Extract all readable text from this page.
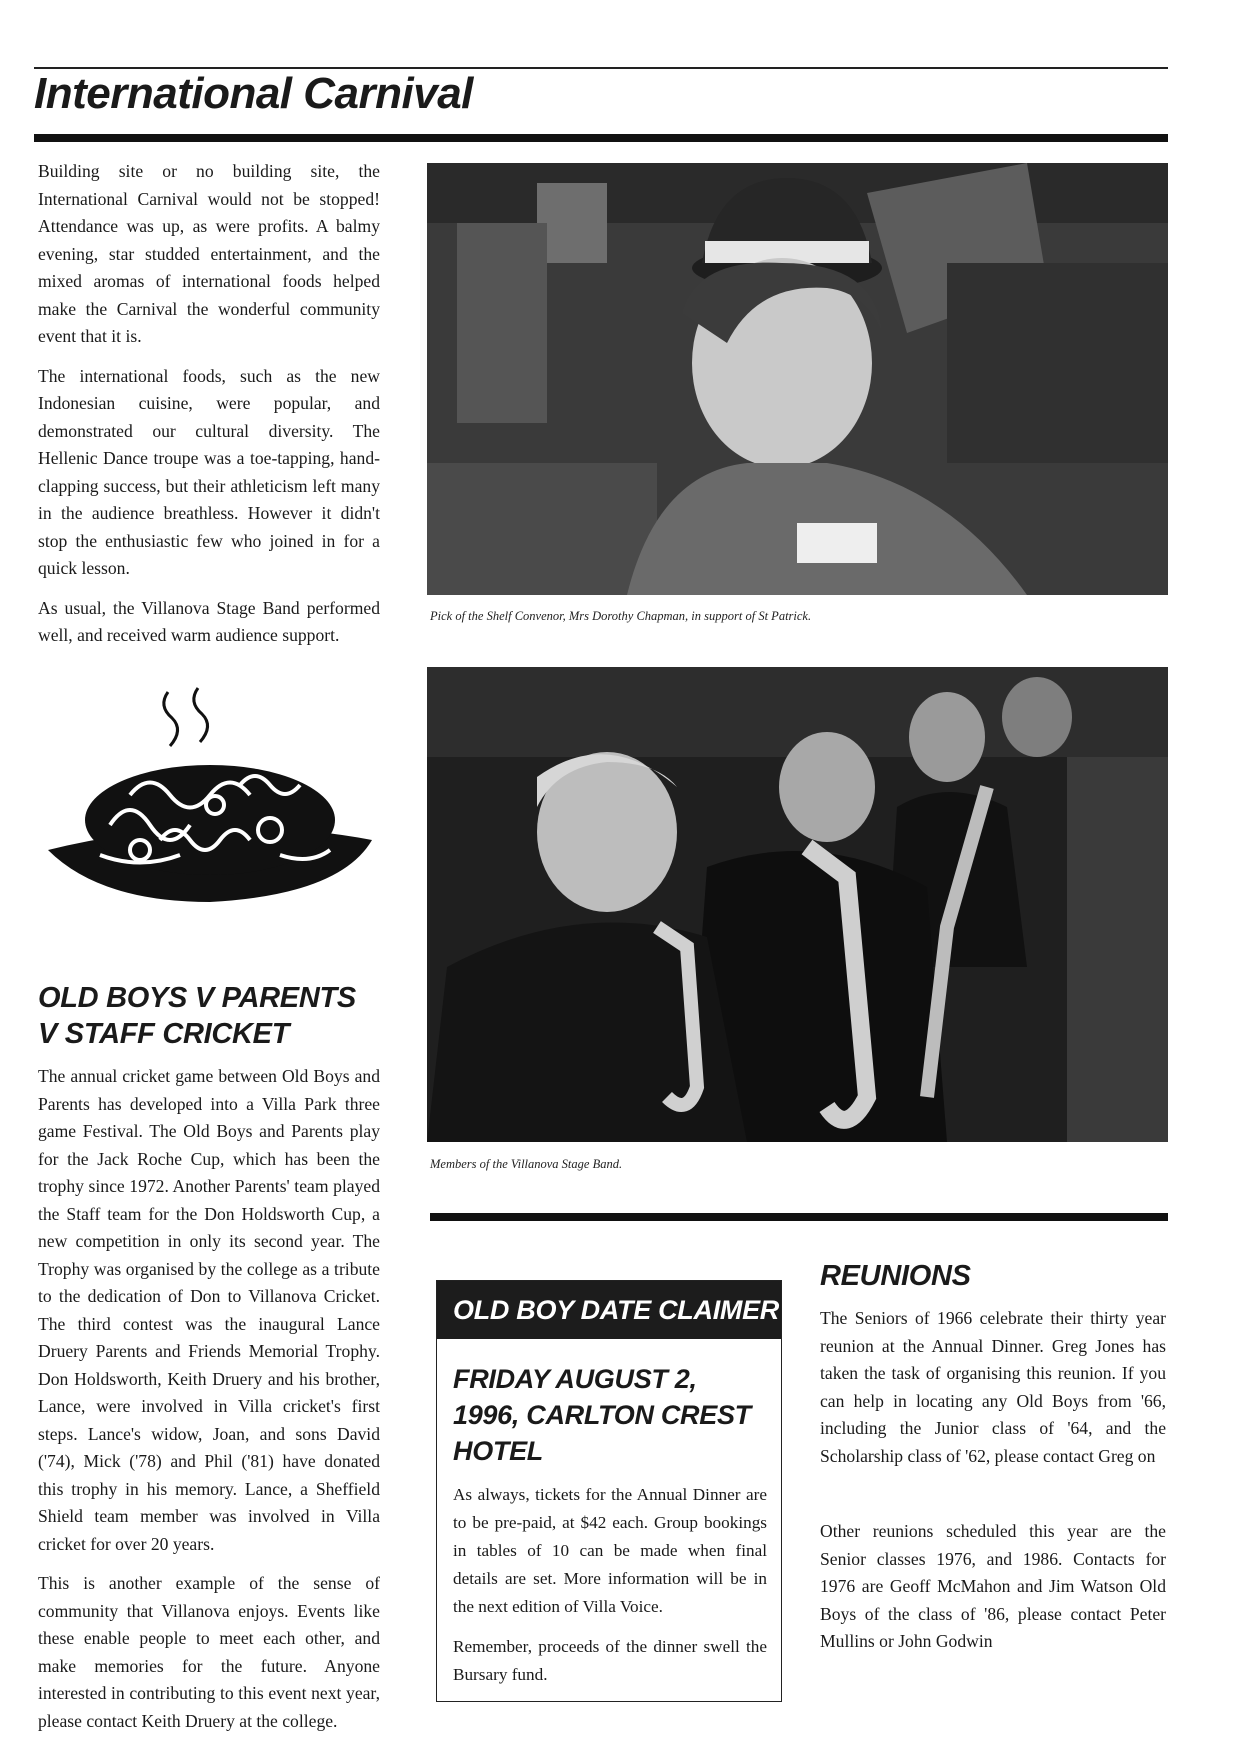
International Carnival

Building site or no building site, the International Carnival would not be stopped! Attendance was up, as were profits. A balmy evening, star studded entertainment, and the mixed aromas of international foods helped make the Carnival the wonderful community event that it is.

The international foods, such as the new Indonesian cuisine, were popular, and demonstrated our cultural diversity. The Hellenic Dance troupe was a toe-tapping, hand-clapping success, but their athleticism left many in the audience breathless. However it didn't stop the enthusiastic few who joined in for a quick lesson.

As usual, the Villanova Stage Band performed well, and received warm audience support.

Pick of the Shelf Convenor, Mrs Dorothy Chapman, in support of St Patrick.
OLD BOYS V PARENTS V STAFF CRICKET

The annual cricket game between Old Boys and Parents has developed into a Villa Park three game Festival. The Old Boys and Parents play for the Jack Roche Cup, which has been the trophy since 1972. Another Parents' team played the Staff team for the Don Holdsworth Cup, a new competition in only its second year. The Trophy was organised by the college as a tribute to the dedication of Don to Villanova Cricket. The third contest was the inaugural Lance Druery Parents and Friends Memorial Trophy. Don Holdsworth, Keith Druery and his brother, Lance, were involved in Villa cricket's first steps. Lance's widow, Joan, and sons David ('74), Mick ('78) and Phil ('81) have donated this trophy in his memory. Lance, a Sheffield Shield team member was involved in Villa cricket for over 20 years.

This is another example of the sense of community that Villanova enjoys. Events like these enable people to meet each other, and make memories for the future. Anyone interested in contributing to this event next year, please contact Keith Druery at the college.

Members of the Villanova Stage Band.
OLD BOY DATE CLAIMER
FRIDAY AUGUST 2, 1996, CARLTON CREST HOTEL

As always, tickets for the Annual Dinner are to be pre-paid, at $42 each. Group bookings in tables of 10 can be made when final details are set. More information will be in the next edition of Villa Voice.

Remember, proceeds of the dinner swell the Bursary fund.

REUNIONS

The Seniors of 1966 celebrate their thirty year reunion at the Annual Dinner. Greg Jones has taken the task of organising this reunion. If you can help in locating any Old Boys from '66, including the Junior class of '64, and the Scholarship class of '62, please contact Greg on

Other reunions scheduled this year are the Senior classes 1976, and 1986. Contacts for 1976 are Geoff McMahon and Jim Watson Old Boys of the class of '86, please contact Peter Mullins or John Godwin
